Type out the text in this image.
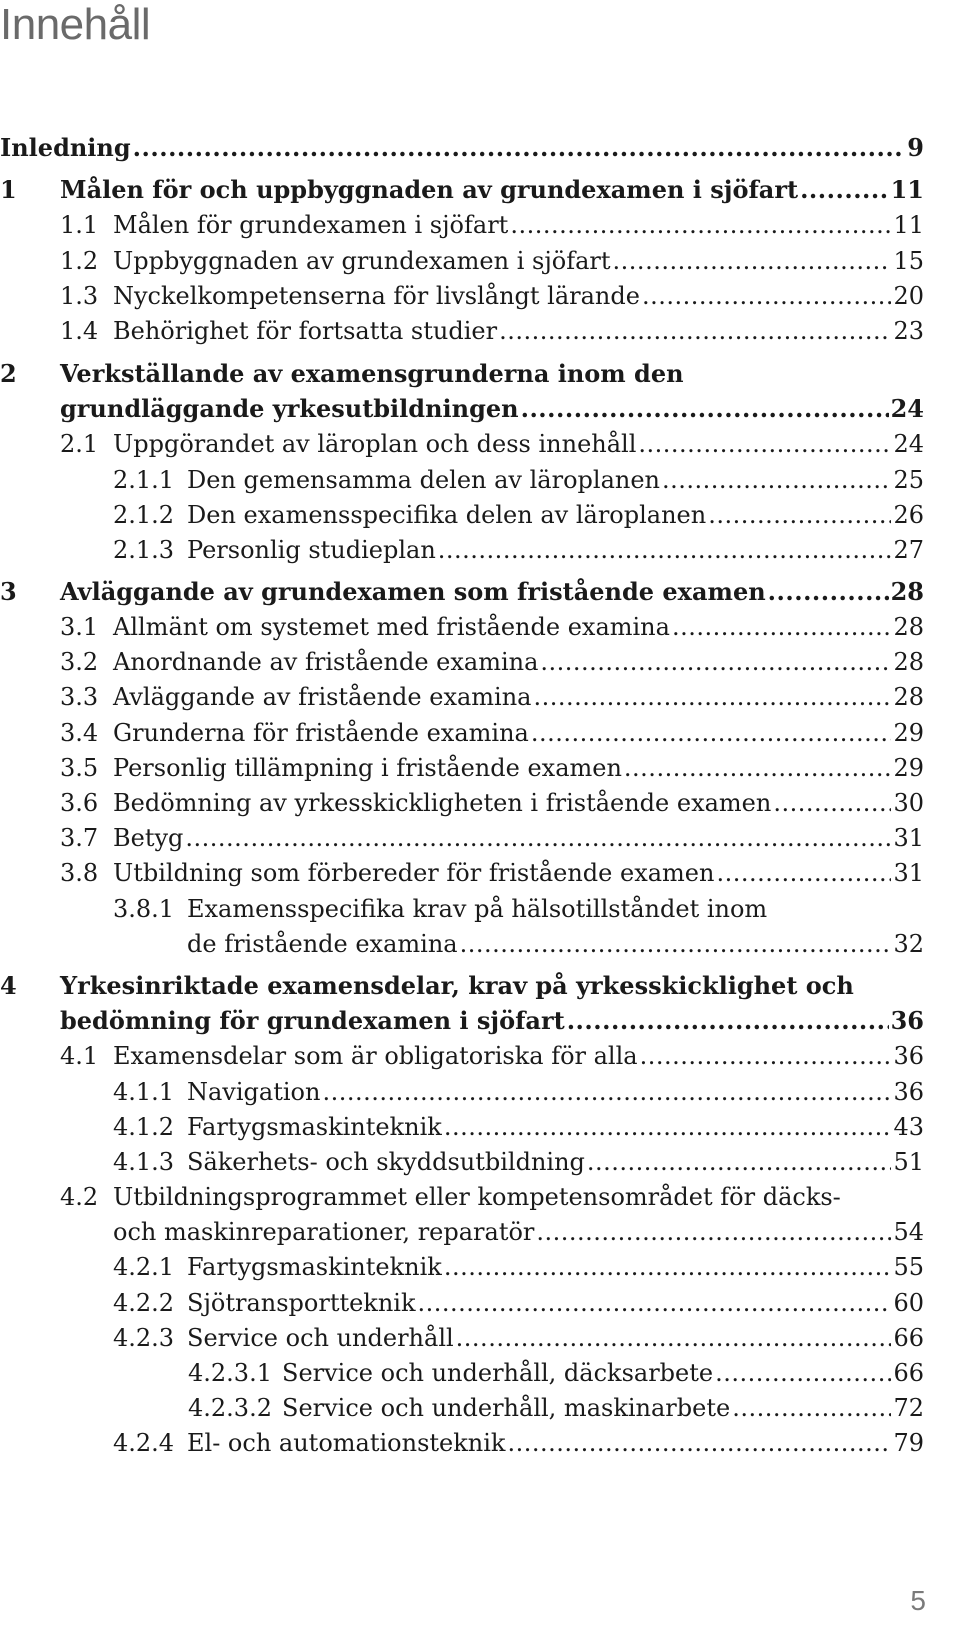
Innehåll
Inledning .....	9
1 Målen för och uppbyggnaden av grundexamen i sjöfart .....	11
1.1 Målen för grundexamen i sjöfart .....	11
1.2 Uppbyggnaden av grundexamen i sjöfart .....	15
1.3 Nyckelkompetenserna för livslångt lärande .....	20
1.4 Behörighet för fortsatta studier .....	23
2 Verkställande av examensgrunderna inom den
grundläggande yrkesutbildningen .....	24
2.1 Uppgörandet av läroplan och dess innehåll .....	24
2.1.1 Den gemensamma delen av läroplanen .....	25
2.1.2 Den examensspecifika delen av läroplanen .....	26
2.1.3 Personlig studieplan .....	27
3 Avläggande av grundexamen som fristående examen .....	28
3.1 Allmänt om systemet med fristående examina .....	28
3.2 Anordnande av fristående examina .....	28
3.3 Avläggande av fristående examina .....	28
3.4 Grunderna för fristående examina .....	29
3.5 Personlig tillämpning i fristående examen .....	29
3.6 Bedömning av yrkesskickligheten i fristående examen .....	30
3.7 Betyg .....	31
3.8 Utbildning som förbereder för fristående examen .....	31
3.8.1 Examensspecifika krav på hälsotillståndet inom
de fristående examina .....	32
4 Yrkesinriktade examensdelar, krav på yrkesskicklighet och
bedömning för grundexamen i sjöfart .....	36
4.1 Examensdelar som är obligatoriska för alla .....	36
4.1.1 Navigation .....	36
4.1.2 Fartygsmaskinteknik .....	43
4.1.3 Säkerhets- och skyddsutbildning .....	51
4.2 Utbildningsprogrammet eller kompetensområdet för däcks-
och maskinreparationer, reparatör .....	54
4.2.1 Fartygsmaskinteknik .....	55
4.2.2 Sjötransportteknik .....	60
4.2.3 Service och underhåll .....	66
4.2.3.1 Service och underhåll, däcksarbete .....	66
4.2.3.2 Service och underhåll, maskinarbete .....	72
4.2.4 El- och automationsteknik .....	79
5
